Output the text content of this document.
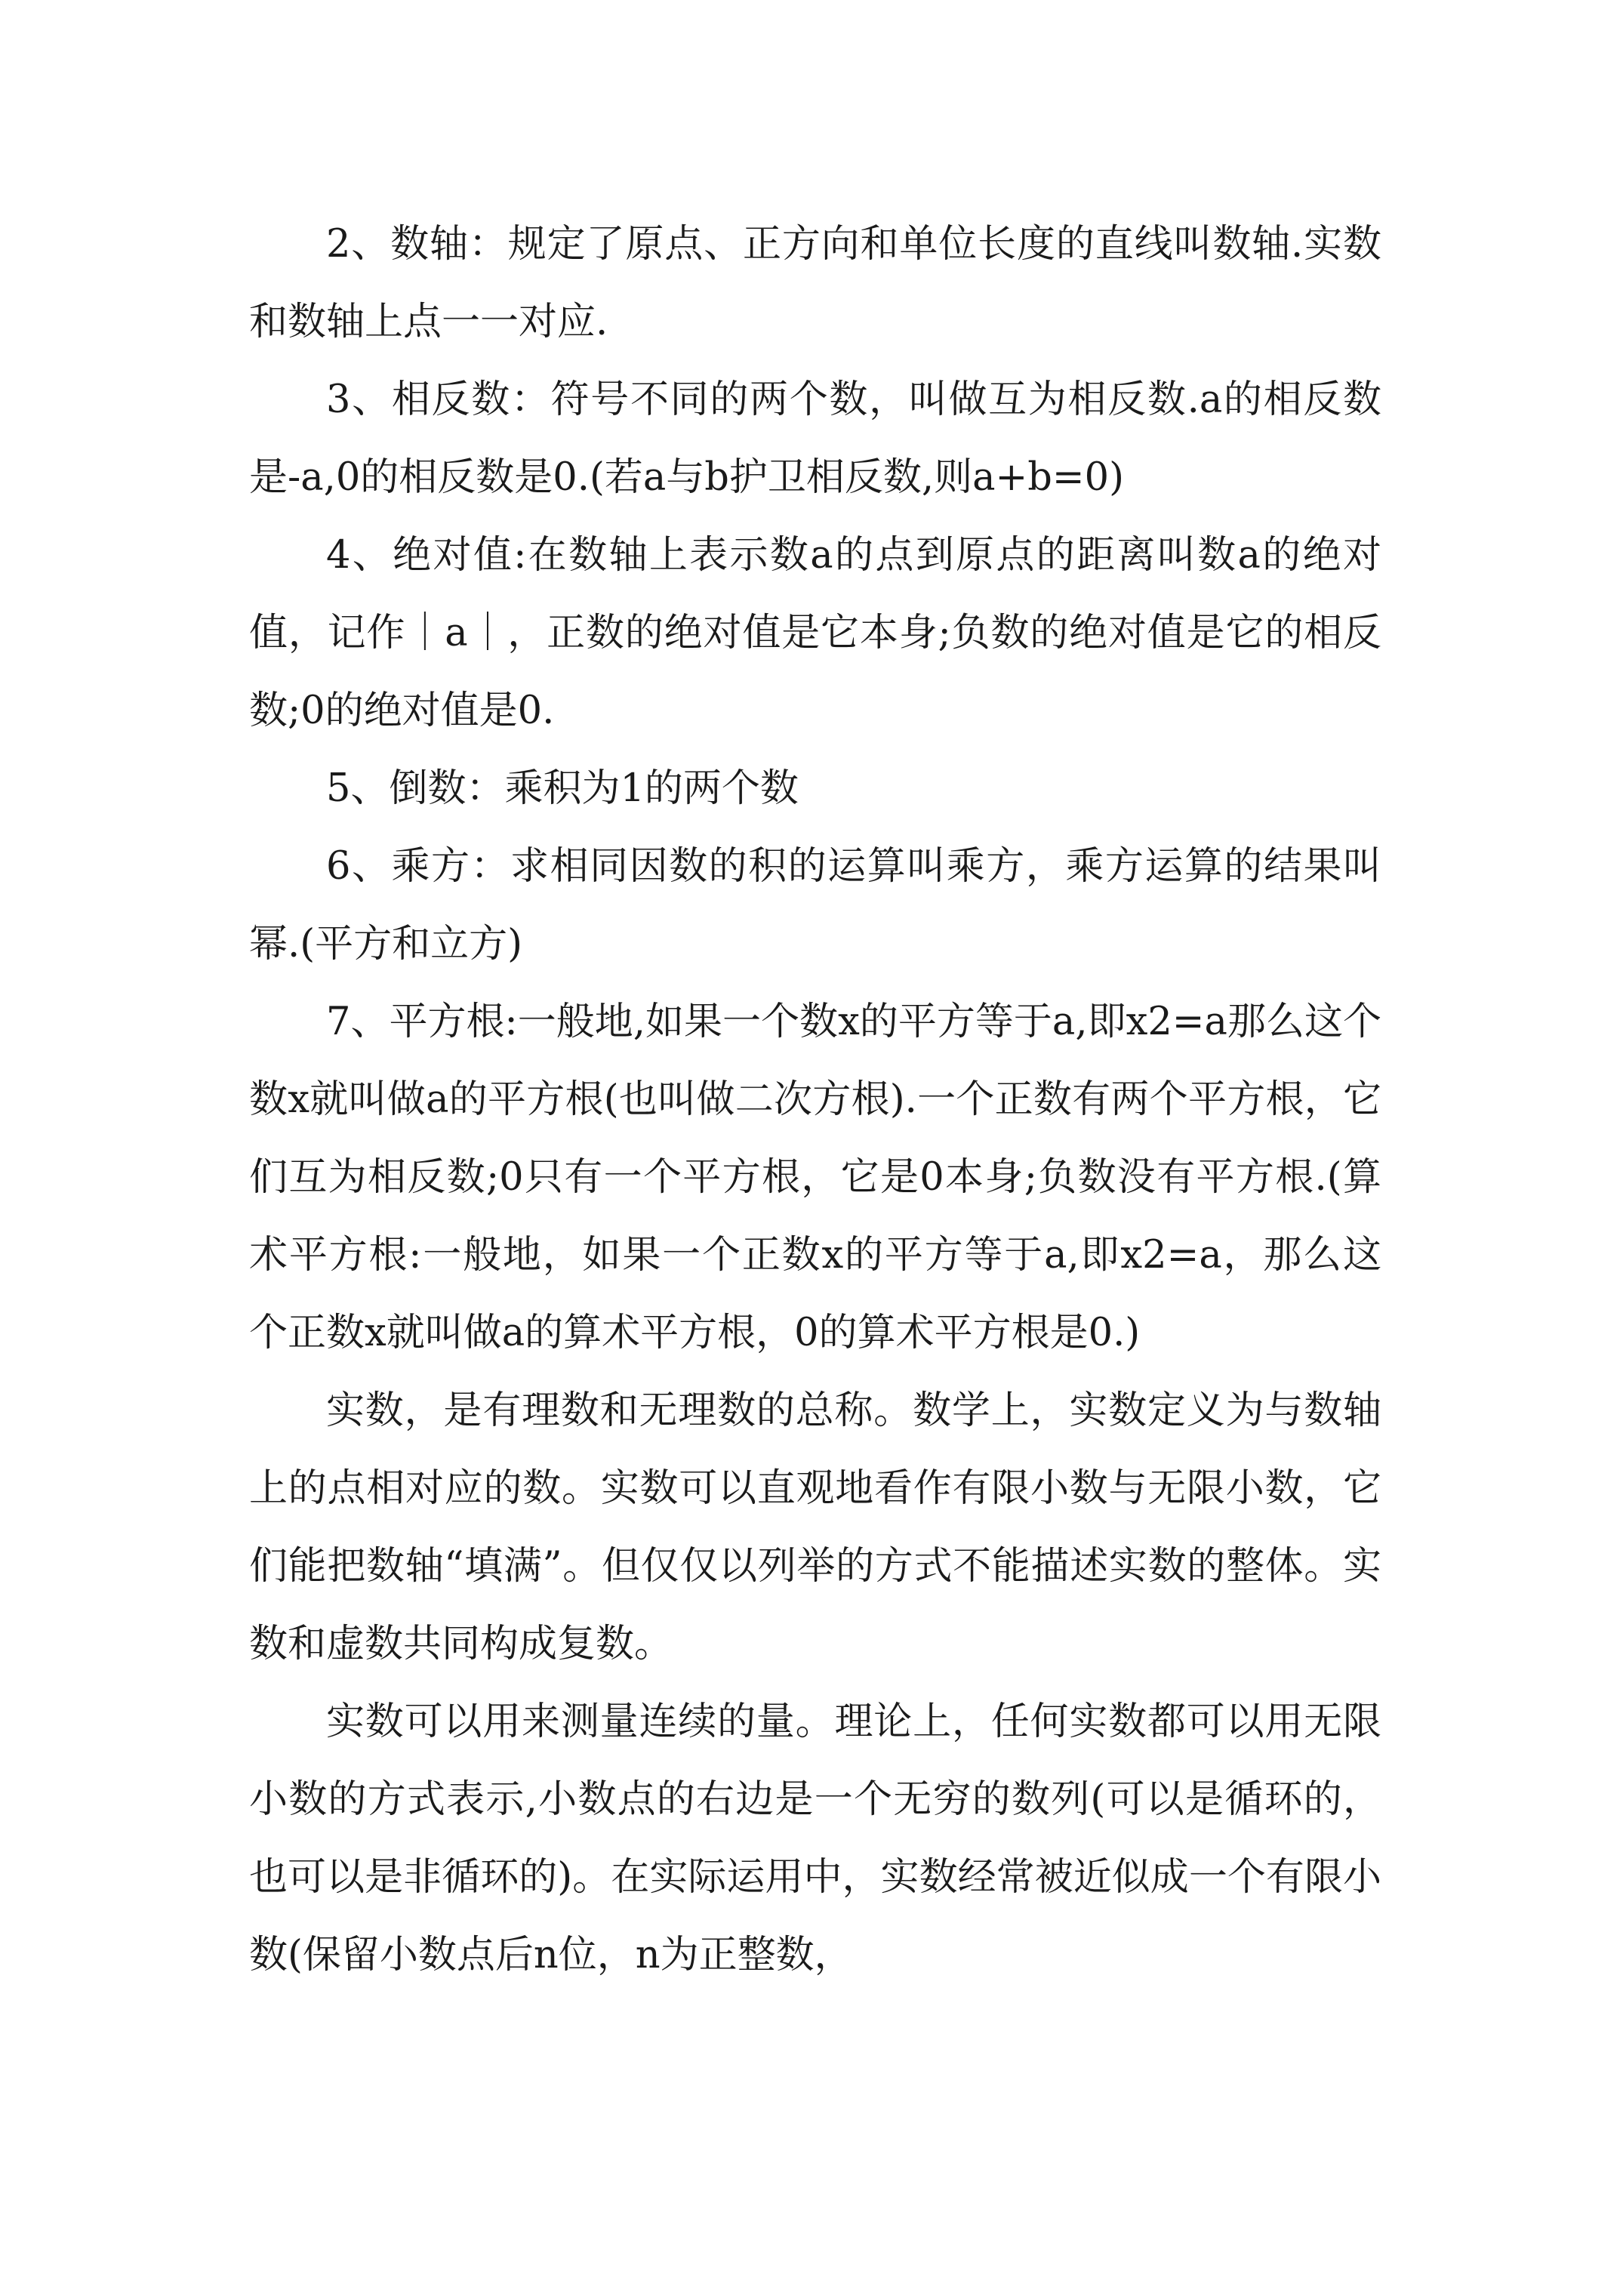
2、数轴：规定了原点、正方向和单位长度的直线叫数轴.实数和数轴上点一一对应.

3、相反数：符号不同的两个数，叫做互为相反数.a的相反数是-a,0的相反数是0.(若a与b护卫相反数,则a+b=0)

4、绝对值:在数轴上表示数a的点到原点的距离叫数a的绝对值，记作｜a｜，正数的绝对值是它本身;负数的绝对值是它的相反数;0的绝对值是0.

5、倒数：乘积为1的两个数

6、乘方：求相同因数的积的运算叫乘方，乘方运算的结果叫幂.(平方和立方)

7、平方根:一般地,如果一个数x的平方等于a,即x2=a那么这个数x就叫做a的平方根(也叫做二次方根).一个正数有两个平方根，它们互为相反数;0只有一个平方根，它是0本身;负数没有平方根.(算术平方根:一般地，如果一个正数x的平方等于a,即x2=a，那么这个正数x就叫做a的算术平方根，0的算术平方根是0.)

实数，是有理数和无理数的总称。数学上，实数定义为与数轴上的点相对应的数。实数可以直观地看作有限小数与无限小数，它们能把数轴“填满”。但仅仅以列举的方式不能描述实数的整体。实数和虚数共同构成复数。

实数可以用来测量连续的量。理论上，任何实数都可以用无限小数的方式表示,小数点的右边是一个无穷的数列(可以是循环的，也可以是非循环的)。在实际运用中，实数经常被近似成一个有限小数(保留小数点后n位，n为正整数，
